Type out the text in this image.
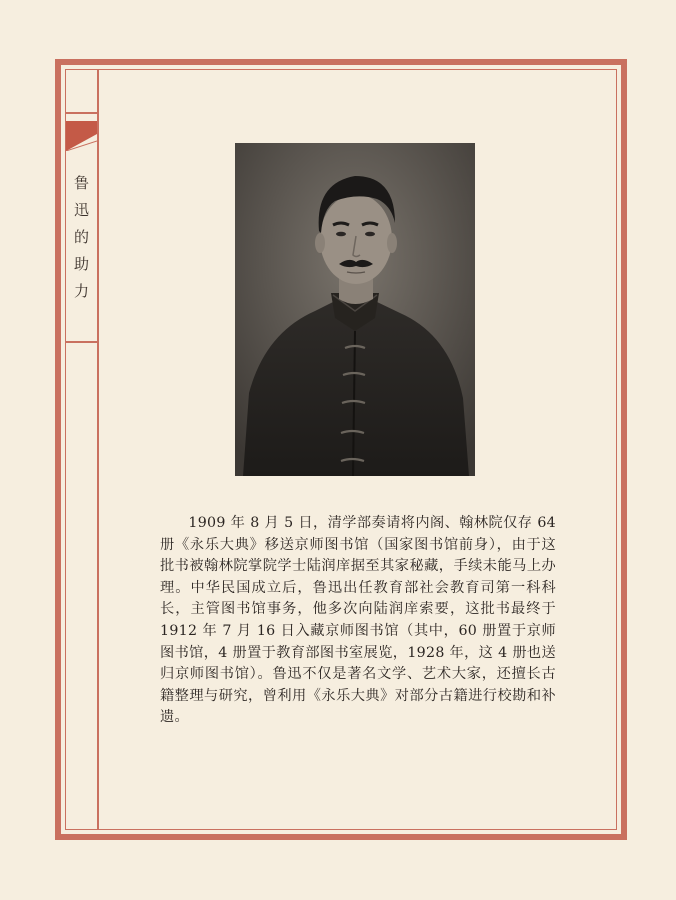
鲁
迅
的
助
力

1909 年 8 月 5 日，清学部奏请将内阁、翰林院仅存 64 册《永乐大典》移送京师图书馆（国家图书馆前身），由于这批书被翰林院掌院学士陆润庠据至其家秘藏，手续未能马上办理。中华民国成立后，鲁迅出任教育部社会教育司第一科科长，主管图书馆事务，他多次向陆润庠索要，这批书最终于 1912 年 7 月 16 日入藏京师图书馆（其中，60 册置于京师图书馆，4 册置于教育部图书室展览，1928 年，这 4 册也送归京师图书馆）。鲁迅不仅是著名文学、艺术大家，还擅长古籍整理与研究，曾利用《永乐大典》对部分古籍进行校勘和补遗。
